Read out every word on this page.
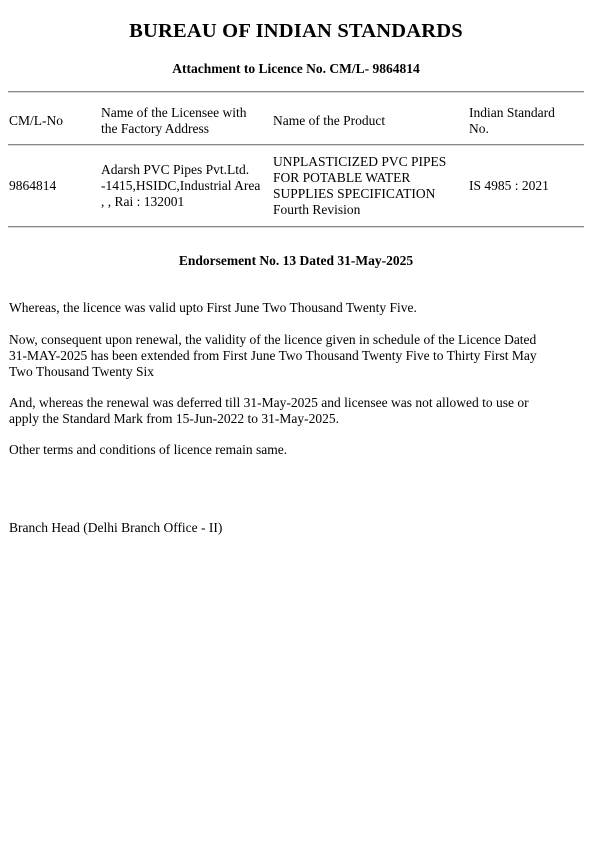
BUREAU OF INDIAN STANDARDS
Attachment to Licence No. CM/L- 9864814
CM/L-No
Name of the Licensee with
the Factory Address
Name of the Product
Indian Standard
No.
9864814
Adarsh PVC Pipes Pvt.Ltd.
-1415,HSIDC,Industrial Area
, , Rai : 132001
UNPLASTICIZED PVC PIPES
FOR POTABLE WATER
SUPPLIES SPECIFICATION
Fourth Revision
IS 4985 : 2021
Endorsement No. 13 Dated 31-May-2025
Whereas, the licence was valid upto First June Two Thousand Twenty Five.
Now, consequent upon renewal, the validity of the licence given in schedule of the Licence Dated
31-MAY-2025 has been extended from First June Two Thousand Twenty Five to Thirty First May
Two Thousand Twenty Six
And, whereas the renewal was deferred till 31-May-2025 and licensee was not allowed to use or
apply the Standard Mark from 15-Jun-2022 to 31-May-2025.
Other terms and conditions of licence remain same.
Branch Head (Delhi Branch Office - II)
